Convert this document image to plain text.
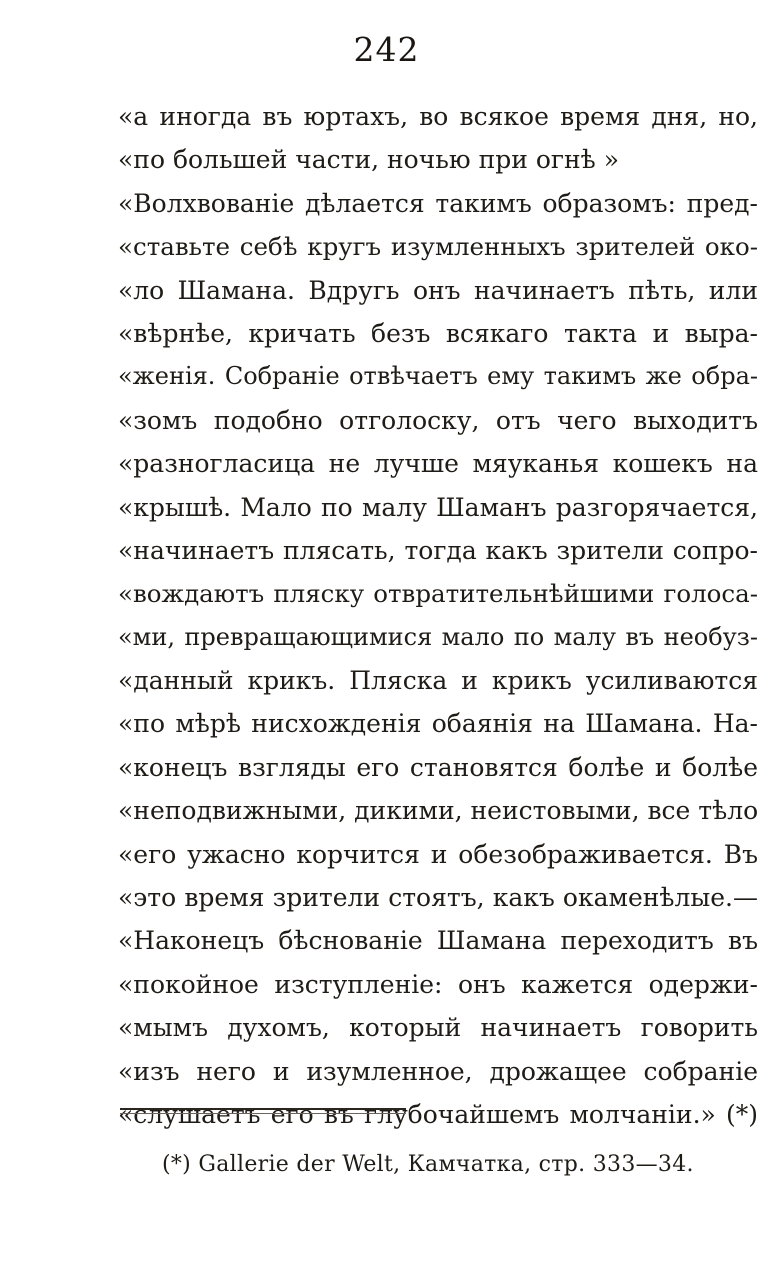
242
«а иногда въ юртахъ, во всякое время дня, но,
«по большей части, ночью при огнѣ »
«Волхвованіе дѣлается такимъ образомъ: пред-
«ставьте себѣ кругъ изумленныхъ зрителей око-
«ло Шамана. Вдругь онъ начинаетъ пѣть, или
«вѣрнѣе, кричать безъ всякаго такта и выра-
«женія. Собраніе отвѣчаетъ ему такимъ же обра-
«зомъ подобно отголоску, отъ чего выходитъ
«разногласица не лучше мяуканья кошекъ на
«крышѣ. Мало по малу Шаманъ разгорячается,
«начинаетъ плясать, тогда какъ зрители сопро-
«вождаютъ пляску отвратительнѣйшими голоса-
«ми, превращающимися мало по малу въ необуз-
«данный крикъ. Пляска и крикъ усиливаются
«по мѣрѣ нисхожденія обаянія на Шамана. На-
«конецъ взгляды его становятся болѣе и болѣе
«неподвижными, дикими, неистовыми, все тѣло
«его ужасно корчится и обезображивается. Въ
«это время зрители стоятъ, какъ окаменѣлые.—
«Наконецъ бѣснованіе Шамана переходитъ въ
«покойное изступленіе: онъ кажется одержи-
«мымъ духомъ, который начинаетъ говорить
«изъ него и изумленное, дрожащее собраніе
«слушаетъ его въ глубочайшемъ молчаніи.» (*)
(*) Gallerie der Welt, Камчатка, стр. 333—34.
